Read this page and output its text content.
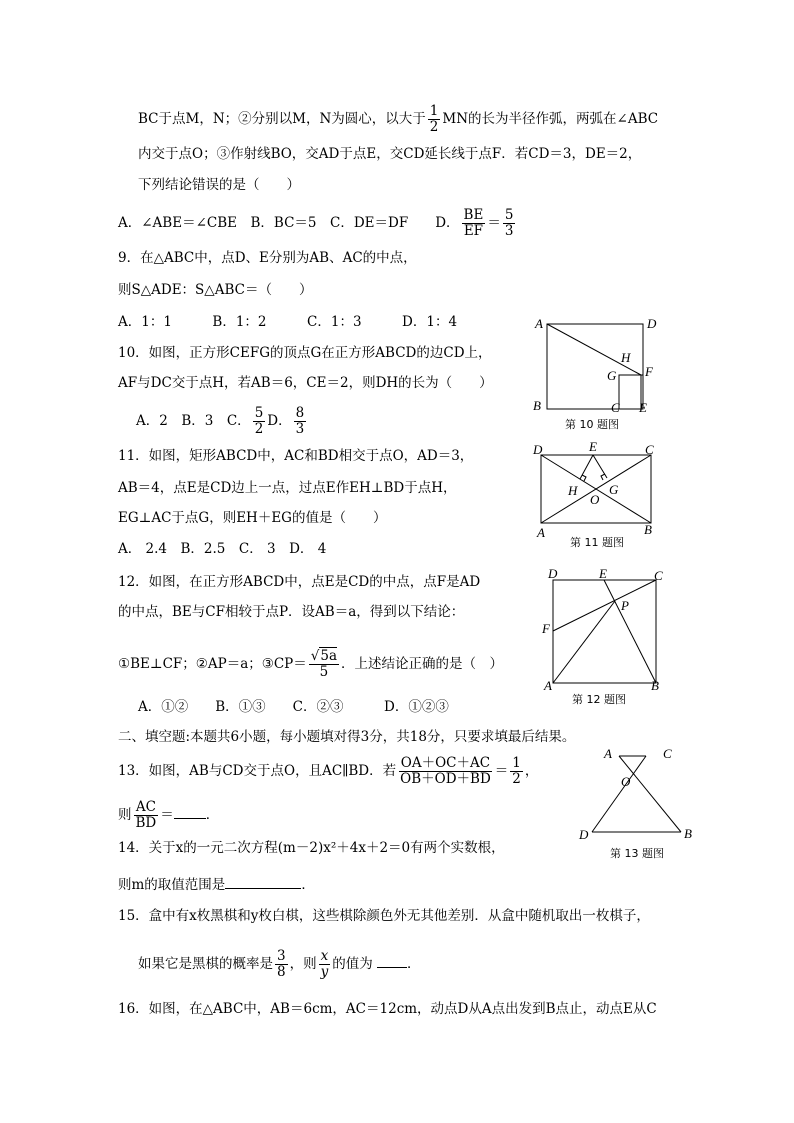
BC于点M，N；②分别以M，N为圆心，以大于 $\frac{1}{2}$ MN的长为半径作弧，两弧在∠ABC
内交于点O；③作射线BO，交AD于点E，交CD延长线于点F．若CD＝3，DE＝2，
下列结论错误的是（　　）
A．∠ABE＝∠CBE　B．BC＝5　C．DE＝DF　　D． $\frac{BE}{EF} = \frac{5}{3}$
9．在△ABC中，点D、E分别为AB、AC的中点，
则S△ADE：S△ABC＝（　　）
A．1：1　　　B．1：2　　　C．1：3　　　D．1：4
10．如图，正方形CEFG的顶点G在正方形ABCD的边CD上，
AF与DC交于点H，若AB＝6，CE＝2，则DH的长为（　　）
A．2　B．3　C． $\frac{5}{2}$ D． $\frac{8}{3}$
A	D
H
G F
B	C E
第 10 题图
11．如图，矩形ABCD中，AC和BD相交于点O，AD＝3，
AB＝4，点E是CD边上一点，过点E作EH⊥BD于点H，
EG⊥AC于点G，则EH＋EG的值是（　　）
A． 2.4　B．2.5　C． 3　D． 4
D	E	C
H
O
G
A	B
第 11 题图
12．如图，在正方形ABCD中，点E是CD的中点，点F是AD
的中点，BE与CF相较于点P．设AB＝a，得到以下结论：
①BE⊥CF；②AP＝a；③CP＝ $\frac{√5a}{5}$ ．上述结论正确的是（　）
A．①②　　B．①③　　C．②③　　　D．①②③
D	E	C
P
F
A	B
第 12 题图
二、填空题:本题共6小题，每小题填对得3分，共18分，只要求填最后结果。
13．如图，AB与CD交于点O，且AC∥BD．若 $\frac{OA+OC+AC}{OB+OD+BD} = \frac{1}{2}$ ，
则 $\frac{AC}{BD}$ ＝ ．
A	C
O
D	B
第 13 题图
14．关于x的一元二次方程(m－2)x²＋4x＋2＝0有两个实数根，
则m的取值范围是	．
15．盒中有x枚黑棋和y枚白棋，这些棋除颜色外无其他差别．从盒中随机取出一枚棋子，
如果它是黑棋的概率是 $\frac{3}{8}$ ，则 $\frac{x}{y}$ 的值为	．
16．如图，在△ABC中，AB＝6cm，AC＝12cm，动点D从A点出发到B点止，动点E从C
